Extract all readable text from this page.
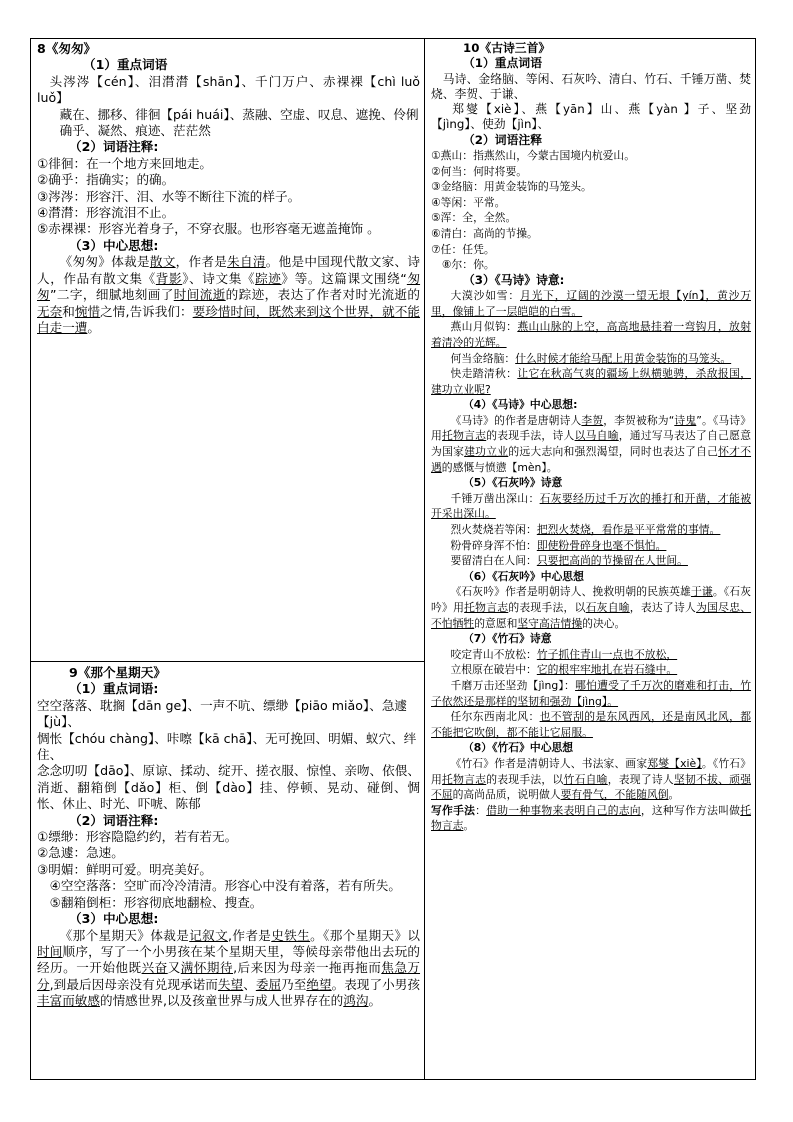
8《匆匆》

（1）重点词语

头涔涔【cén】、泪潸潸【shān】、千门万户、赤裸裸【chì luǒ luǒ】

藏在、挪移、徘徊【pái huái】、蒸融、空虚、叹息、遮挽、伶俐

确乎、凝然、痕迹、茫茫然

（2）词语注释:

①徘徊：在一个地方来回地走。

②确乎：指确实；的确。

③涔涔：形容汗、泪、水等不断往下流的样子。

④潸潸：形容流泪不止。

⑤赤裸裸：形容光着身子，不穿衣服。也形容毫无遮盖掩饰 。

（3）中心思想:

《匆匆》体裁是散文，作者是朱自清。他是中国现代散文家、诗人，作品有散文集《背影》、诗文集《踪迹》等。这篇课文围绕“匆匆”二字，细腻地刻画了时间流逝的踪迹，表达了作者对时光流逝的无奈和惋惜之情,告诉我们：要珍惜时间，既然来到这个世界，就不能白走一遭。

9《那个星期天》

（1）重点词语:

空空落落、耽搁【dān ge】、一声不吭、缥缈【piāo miǎo】、急遽【jù】、

惆怅【chóu chàng】、咔嚓【kā chā】、无可挽回、明媚、蚁穴、绊住、

念念叨叨【dāo】、原谅、揉动、绽开、搓衣服、惊惶、亲吻、依偎、消逝、翻箱倒【dǎo】柜、倒【dào】挂、停顿、晃动、碰倒、惆怅、休止、时光、吓唬、陈郁

（2）词语注释:

①缥缈：形容隐隐约约，若有若无。

②急遽：急速。

③明媚：鲜明可爱。明亮美好。

④空空落落：空旷而冷冷清清。形容心中没有着落，若有所失。

⑤翻箱倒柜：形容彻底地翻检、搜查。

（3）中心思想:

《那个星期天》体裁是记叙文,作者是史铁生。《那个星期天》以时间顺序，写了一个小男孩在某个星期天里，等候母亲带他出去玩的经历。一开始他既兴奋又满怀期待,后来因为母亲一拖再拖而焦急万分,到最后因母亲没有兑现承诺而失望、委屈乃至绝望。表现了小男孩丰富而敏感的情感世界,以及孩童世界与成人世界存在的鸿沟。

10《古诗三首》

（1）重点词语

马诗、金络脑、等闲、石灰吟、清白、竹石、千锤万凿、焚烧、李贺、于谦、

郑燮【xiè】、燕【yān】山、燕【yàn 】子、坚劲【jìng】、使劲【jìn】、

（2）词语注释

①燕山：指燕然山，今蒙古国境内杭爱山。

②何当：何时将要。

③金络脑：用黄金装饰的马笼头。

④等闲：平常。

⑤浑：全，全然。

⑥清白：高尚的节操。

⑦任：任凭。

⑧尔：你。

（3）《马诗》诗意:

大漠沙如雪：月光下，辽阔的沙漠一望无垠【yín】，黄沙万里，像铺上了一层皑皑的白雪。

燕山月似钩：燕山山脉的上空，高高地悬挂着一弯钩月，放射着清冷的光辉。

何当金络脑：什么时候才能给马配上用黄金装饰的马笼头。

快走踏清秋：让它在秋高气爽的疆场上纵横驰骋，杀敌报国，建功立业呢?

（4）《马诗》中心思想:

《马诗》的作者是唐朝诗人李贺，李贺被称为“诗鬼”。《马诗》用托物言志的表现手法，诗人以马自喻，通过写马表达了自己愿意为国家建功立业的远大志向和强烈渴望，同时也表达了自己怀才不遇的感慨与愤懑【mèn】。

（5）《石灰吟》诗意

千锤万凿出深山：石灰要经历过千万次的捶打和开凿，才能被开采出深山。

烈火焚烧若等闲：把烈火焚烧，看作是平平常常的事情。

粉骨碎身浑不怕：即使粉骨碎身也毫不惧怕。

要留清白在人间：只要把高尚的节操留在人世间。

（6）《石灰吟》中心思想

《石灰吟》作者是明朝诗人、挽救明朝的民族英雄于谦。《石灰吟》用托物言志的表现手法，以石灰自喻，表达了诗人为国尽忠、不怕牺牲的意愿和坚守高洁情操的决心。

（7）《竹石》诗意

咬定青山不放松：竹子抓住青山一点也不放松，

立根原在破岩中：它的根牢牢地扎在岩石缝中。

千磨万击还坚劲【jìng】：哪怕遭受了千万次的磨难和打击，竹子依然还是那样的坚韧和强劲【jìng】。

任尔东西南北风：也不管刮的是东风西风，还是南风北风，都不能把它吹倒，都不能让它屈服。

（8）《竹石》中心思想

《竹石》作者是清朝诗人、书法家、画家郑燮【xiè】。《竹石》用托物言志的表现手法，以竹石自喻，表现了诗人坚韧不拔、顽强不屈的高尚品质，说明做人要有骨气，不能随风倒。

写作手法：借助一种事物来表明自己的志向，这种写作方法叫做托物言志。
